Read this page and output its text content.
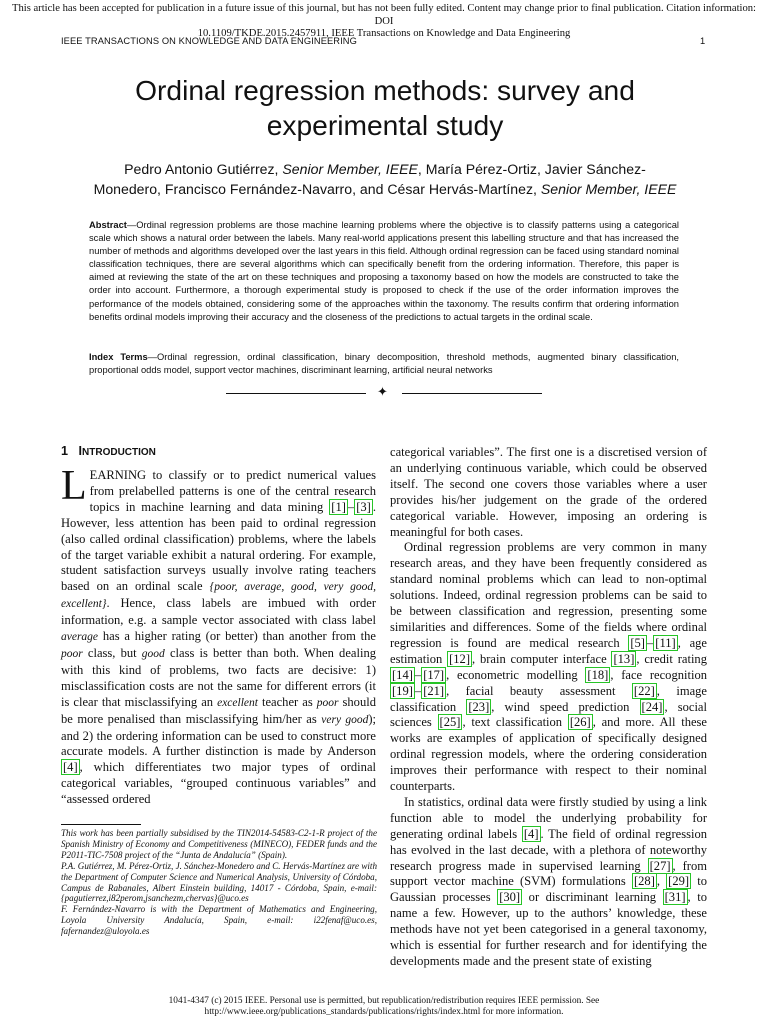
This article has been accepted for publication in a future issue of this journal, but has not been fully edited. Content may change prior to final publication. Citation information: DOI
10.1109/TKDE.2015.2457911, IEEE Transactions on Knowledge and Data Engineering
IEEE TRANSACTIONS ON KNOWLEDGE AND DATA ENGINEERING	1
Ordinal regression methods: survey and
experimental study
Pedro Antonio Gutiérrez, Senior Member, IEEE, María Pérez-Ortiz, Javier Sánchez-
Monedero, Francisco Fernández-Navarro, and César Hervás-Martínez, Senior Member, IEEE
Abstract—Ordinal regression problems are those machine learning problems where the objective is to classify patterns using a categorical scale which shows a natural order between the labels. Many real-world applications present this labelling structure and that has increased the number of methods and algorithms developed over the last years in this field. Although ordinal regression can be faced using standard nominal classification techniques, there are several algorithms which can specifically benefit from the ordering information. Therefore, this paper is aimed at reviewing the state of the art on these techniques and proposing a taxonomy based on how the models are constructed to take the order into account. Furthermore, a thorough experimental study is proposed to check if the use of the order information improves the performance of the models obtained, considering some of the approaches within the taxonomy. The results confirm that ordering information benefits ordinal models improving their accuracy and the closeness of the predictions to actual targets in the ordinal scale.
Index Terms—Ordinal regression, ordinal classification, binary decomposition, threshold methods, augmented binary classification, proportional odds model, support vector machines, discriminant learning, artificial neural networks
✦
1 INTRODUCTION

LEARNING to classify or to predict numerical values from prelabelled patterns is one of the central research topics in machine learning and data mining [1] – [3] . However, less attention has been paid to ordinal regression (also called ordinal classification) problems, where the labels of the target variable exhibit a natural ordering. For example, student satisfaction surveys usually involve rating teachers based on an ordinal scale {poor, average, good, very good, excellent}. Hence, class labels are imbued with order information, e.g. a sample vector associated with class label average has a higher rating (or better) than another from the poor class, but good class is better than both. When dealing with this kind of problems, two facts are decisive: 1) misclassification costs are not the same for different errors (it is clear that misclassifying an excellent teacher as poor should be more penalised than misclassifying him/her as very good); and 2) the ordering information can be used to construct more accurate models. A further distinction is made by Anderson [4] , which differentiates two major types of ordinal categorical variables, “grouped continuous variables” and “assessed ordered

This work has been partially subsidised by the TIN2014-54583-C2-1-R project of the Spanish Ministry of Economy and Competitiveness (MINECO), FEDER funds and the P2011-TIC-7508 project of the “Junta de Andalucía” (Spain).

P.A. Gutiérrez, M. Pérez-Ortiz, J. Sánchez-Monedero and C. Hervás-Martínez are with the Department of Computer Science and Numerical Analysis, University of Córdoba, Campus de Rabanales, Albert Einstein building, 14017 - Córdoba, Spain, e-mail:{pagutierrez,i82perom,jsanchezm,chervas}@uco.es

F. Fernández-Navarro is with the Department of Mathematics and Engineering, Loyola University Andalucía, Spain, e-mail: i22fenaf@uco.es, fafernandez@uloyola.es

categorical variables”. The first one is a discretised version of an underlying continuous variable, which could be observed itself. The second one covers those variables where a user provides his/her judgement on the grade of the ordered categorical variable. However, imposing an ordering is meaningful for both cases.

Ordinal regression problems are very common in many research areas, and they have been frequently considered as standard nominal problems which can lead to non-optimal solutions. Indeed, ordinal regression problems can be said to be between classification and regression, presenting some similarities and differences. Some of the fields where ordinal regression is found are medical research [5] – [11] , age estimation [12] , brain computer interface [13] , credit rating [14] – [17] , econometric modelling [18] , face recognition [19] – [21] , facial beauty assessment [22] , image classification [23] , wind speed prediction [24] , social sciences [25] , text classification [26] , and more. All these works are examples of application of specifically designed ordinal regression models, where the ordering consideration improves their performance with respect to their nominal counterparts.

In statistics, ordinal data were firstly studied by using a link function able to model the underlying probability for generating ordinal labels [4] . The field of ordinal regression has evolved in the last decade, with a plethora of noteworthy research progress made in supervised learning [27] , from support vector machine (SVM) formulations [28] , [29] to Gaussian processes [30] or discriminant learning [31] , to name a few. However, up to the authors’ knowledge, these methods have not yet been categorised in a general taxonomy, which is essential for further research and for identifying the developments made and the present state of existing

1041-4347 (c) 2015 IEEE. Personal use is permitted, but republication/redistribution requires IEEE permission. See
http://www.ieee.org/publications_standards/publications/rights/index.html for more information.
